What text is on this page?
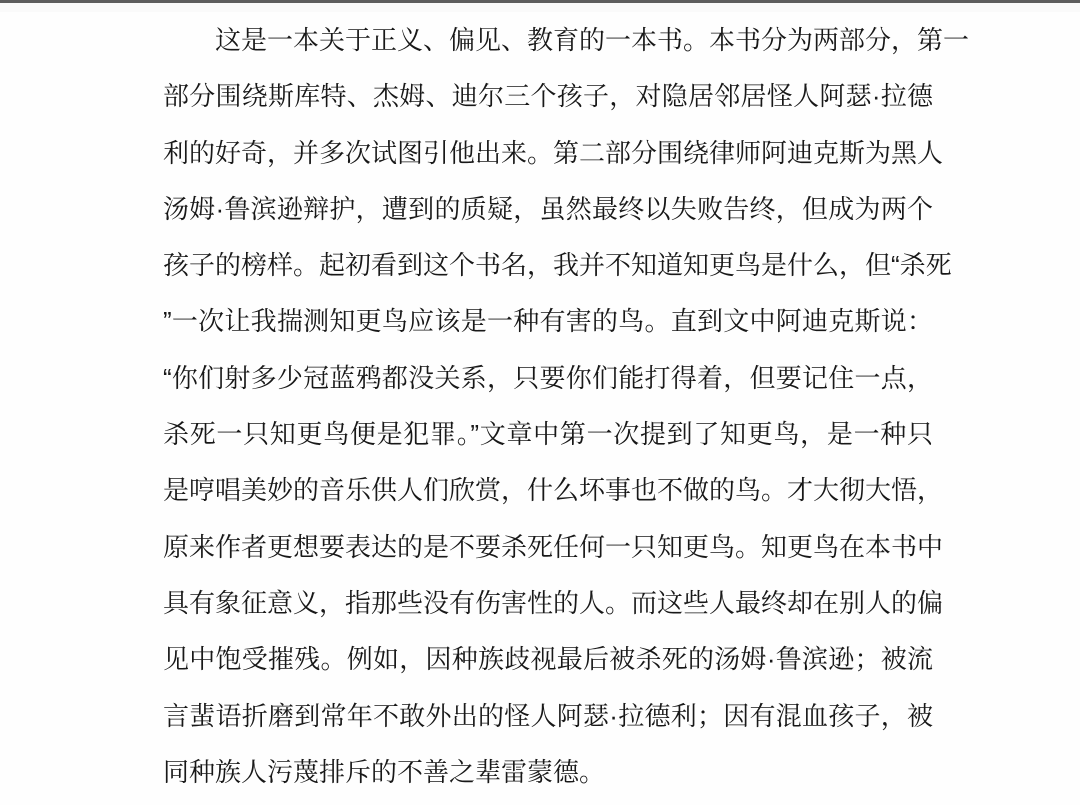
这是一本关于正义、偏见、教育的一本书。本书分为两部分，第一
部分围绕斯库特、杰姆、迪尔三个孩子，对隐居邻居怪人阿瑟·拉德
利的好奇，并多次试图引他出来。第二部分围绕律师阿迪克斯为黑人
汤姆·鲁滨逊辩护，遭到的质疑，虽然最终以失败告终，但成为两个
孩子的榜样。起初看到这个书名，我并不知道知更鸟是什么，但“杀死
”一次让我揣测知更鸟应该是一种有害的鸟。直到文中阿迪克斯说：
“你们射多少冠蓝鸦都没关系，只要你们能打得着，但要记住一点，
杀死一只知更鸟便是犯罪。”文章中第一次提到了知更鸟，是一种只
是哼唱美妙的音乐供人们欣赏，什么坏事也不做的鸟。才大彻大悟，
原来作者更想要表达的是不要杀死任何一只知更鸟。知更鸟在本书中
具有象征意义，指那些没有伤害性的人。而这些人最终却在别人的偏
见中饱受摧残。例如，因种族歧视最后被杀死的汤姆·鲁滨逊；被流
言蜚语折磨到常年不敢外出的怪人阿瑟·拉德利；因有混血孩子，被
同种族人污蔑排斥的不善之辈雷蒙德。
